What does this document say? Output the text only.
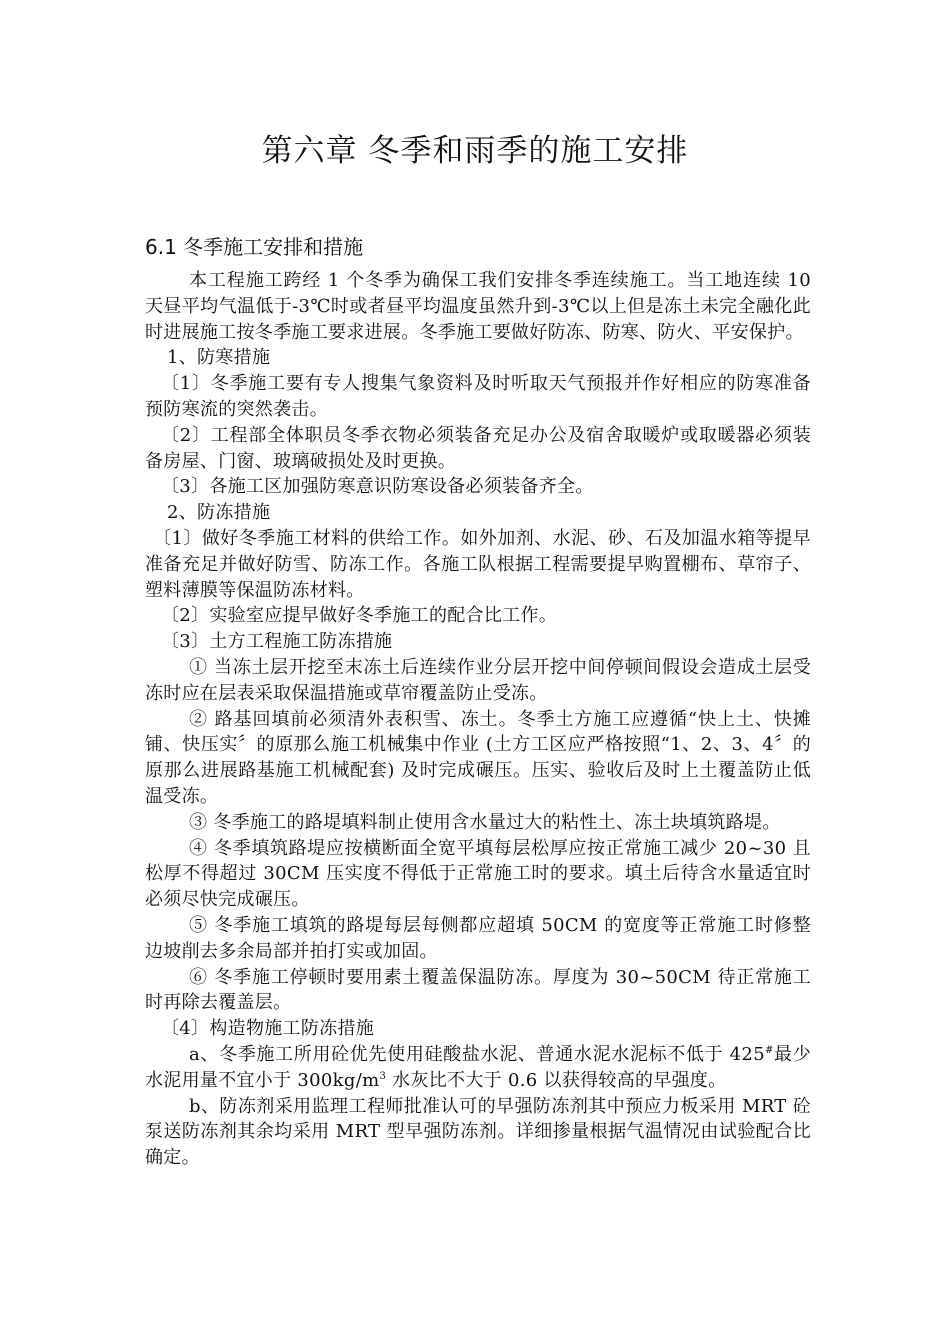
第六章 冬季和雨季的施工安排
6.1 冬季施工安排和措施

本工程施工跨经 1 个冬季为确保工我们安排冬季连续施工。当工地连续 10 天昼平均气温低于-3℃时或者昼平均温度虽然升到-3℃以上但是冻土未完全融化此时进展施工按冬季施工要求进展。冬季施工要做好防冻、防寒、防火、平安保护。

1、防寒措施

〔1〕冬季施工要有专人搜集气象资料及时听取天气预报并作好相应的防寒准备预防寒流的突然袭击。

〔2〕工程部全体职员冬季衣物必须装备充足办公及宿舍取暖炉或取暖器必须装备房屋、门窗、玻璃破损处及时更换。

〔3〕各施工区加强防寒意识防寒设备必须装备齐全。

2、防冻措施

〔1〕做好冬季施工材料的供给工作。如外加剂、水泥、砂、石及加温水箱等提早准备充足并做好防雪、防冻工作。各施工队根据工程需要提早购置棚布、草帘子、塑料薄膜等保温防冻材料。

〔2〕实验室应提早做好冬季施工的配合比工作。

〔3〕土方工程施工防冻措施

① 当冻土层开挖至末冻土后连续作业分层开挖中间停顿间假设会造成土层受冻时应在层表采取保温措施或草帘覆盖防止受冻。

② 路基回填前必须清外表积雪、冻土。冬季土方施工应遵循“快上土、快摊铺、快压实〞的原那么施工机械集中作业 (土方工区应严格按照“1、2、3、4〞的原那么进展路基施工机械配套) 及时完成碾压。压实、验收后及时上土覆盖防止低温受冻。

③ 冬季施工的路堤填料制止使用含水量过大的粘性土、冻土块填筑路堤。

④ 冬季填筑路堤应按横断面全宽平填每层松厚应按正常施工减少 20~30 且松厚不得超过 30CM 压实度不得低于正常施工时的要求。填土后待含水量适宜时必须尽快完成碾压。

⑤ 冬季施工填筑的路堤每层每侧都应超填 50CM 的宽度等正常施工时修整边坡削去多余局部并拍打实或加固。

⑥ 冬季施工停顿时要用素土覆盖保温防冻。厚度为 30~50CM 待正常施工时再除去覆盖层。

〔4〕构造物施工防冻措施

a、冬季施工所用砼优先使用硅酸盐水泥、普通水泥水泥标不低于 425#最少水泥用量不宜小于 $300kg/m^3$ 水灰比不大于 0.6 以获得较高的早强度。

b、防冻剂采用监理工程师批准认可的早强防冻剂其中预应力板采用 MRT 砼泵送防冻剂其余均采用 MRT 型早强防冻剂。详细掺量根据气温情况由试验配合比确定。
